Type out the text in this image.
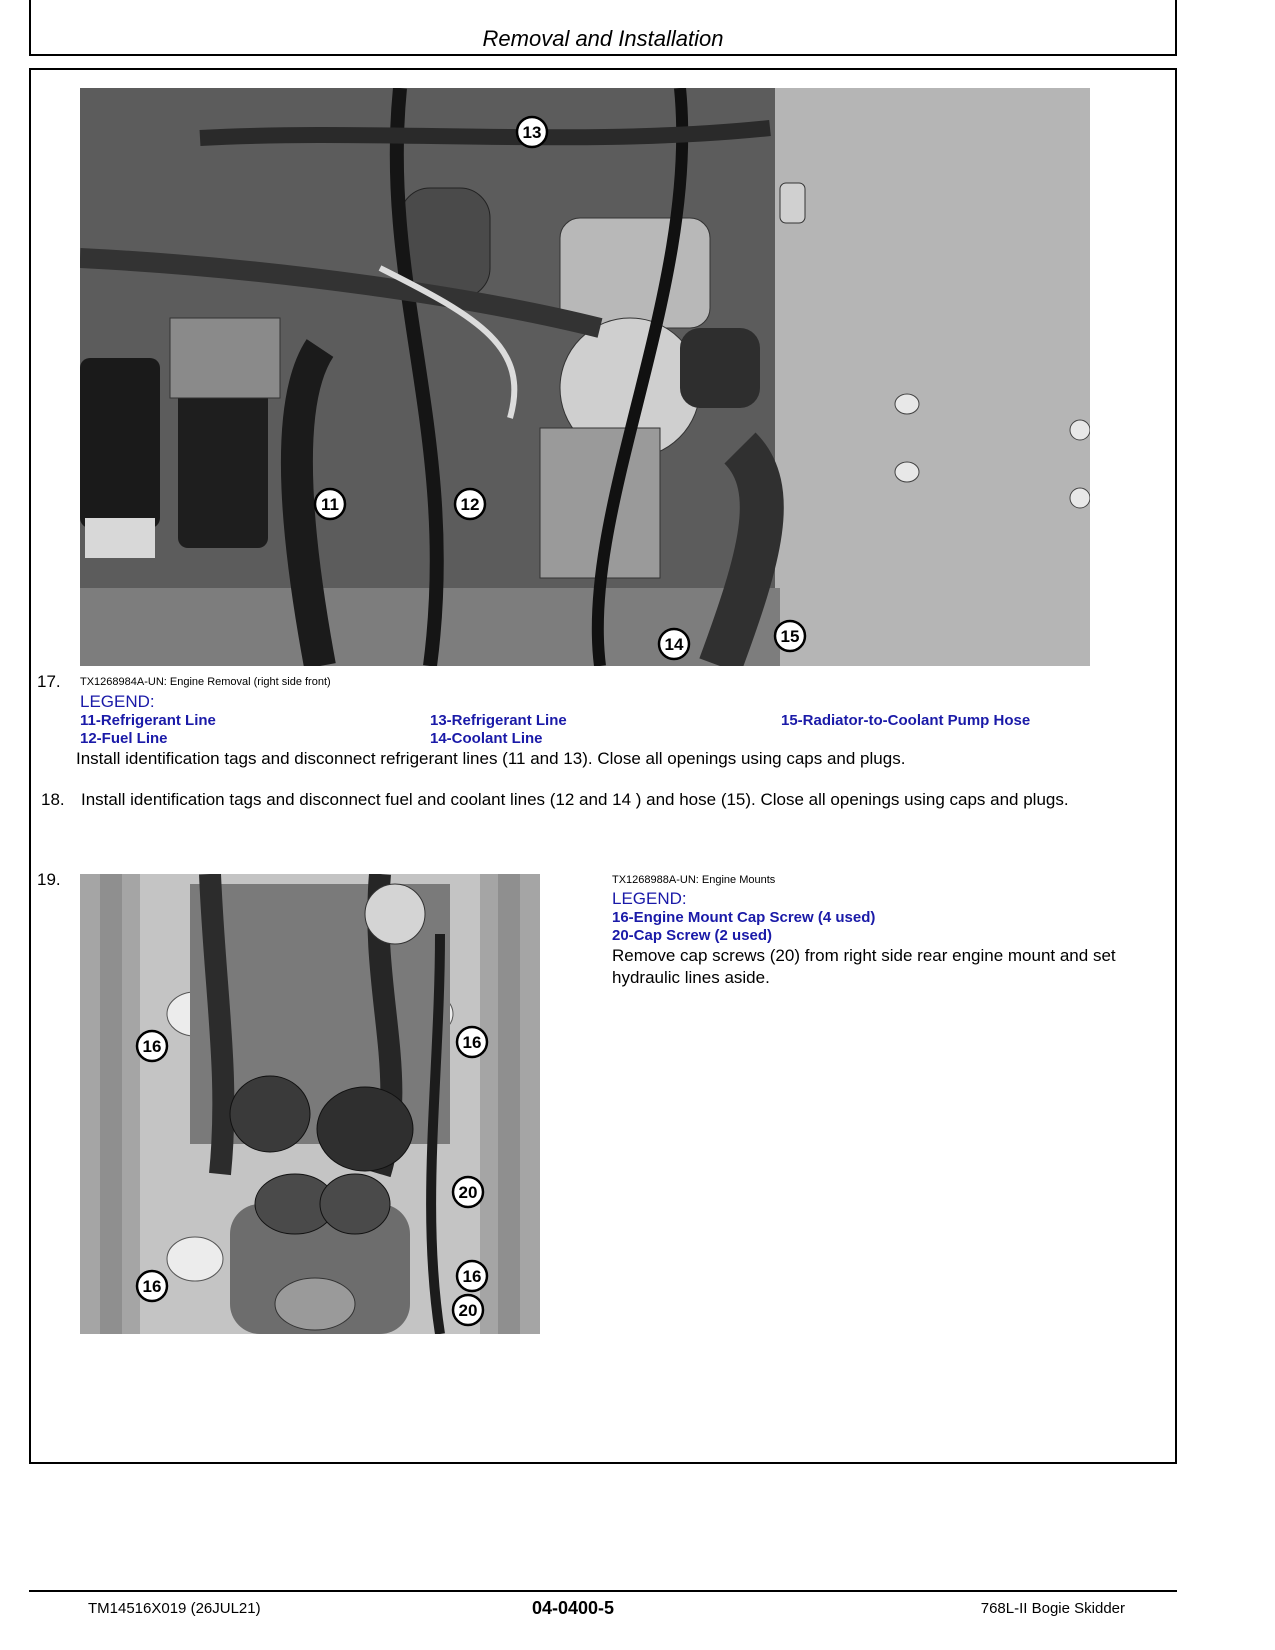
Removal and Installation
11
13
12
14	15
17. TX1268984A-UN: Engine Removal (right side front)
LEGEND:
11-Refrigerant Line
12-Fuel Line
13-Refrigerant Line
14-Coolant Line
15-Radiator-to-Coolant Pump Hose
Install identification tags and disconnect refrigerant lines (11 and 13). Close all openings using caps and plugs.
18. Install identification tags and disconnect fuel and coolant lines (12 and 14 ) and hose (15). Close all openings using caps and plugs.
19.
16	16
16
16
20
20
TX1268988A-UN: Engine Mounts
LEGEND:
16-Engine Mount Cap Screw (4 used)
20-Cap Screw (2 used)
Remove cap screws (20) from right side rear engine mount and set hydraulic lines aside.
TM14516X019 (26JUL21)	04-0400-5	768L-II Bogie Skidder
